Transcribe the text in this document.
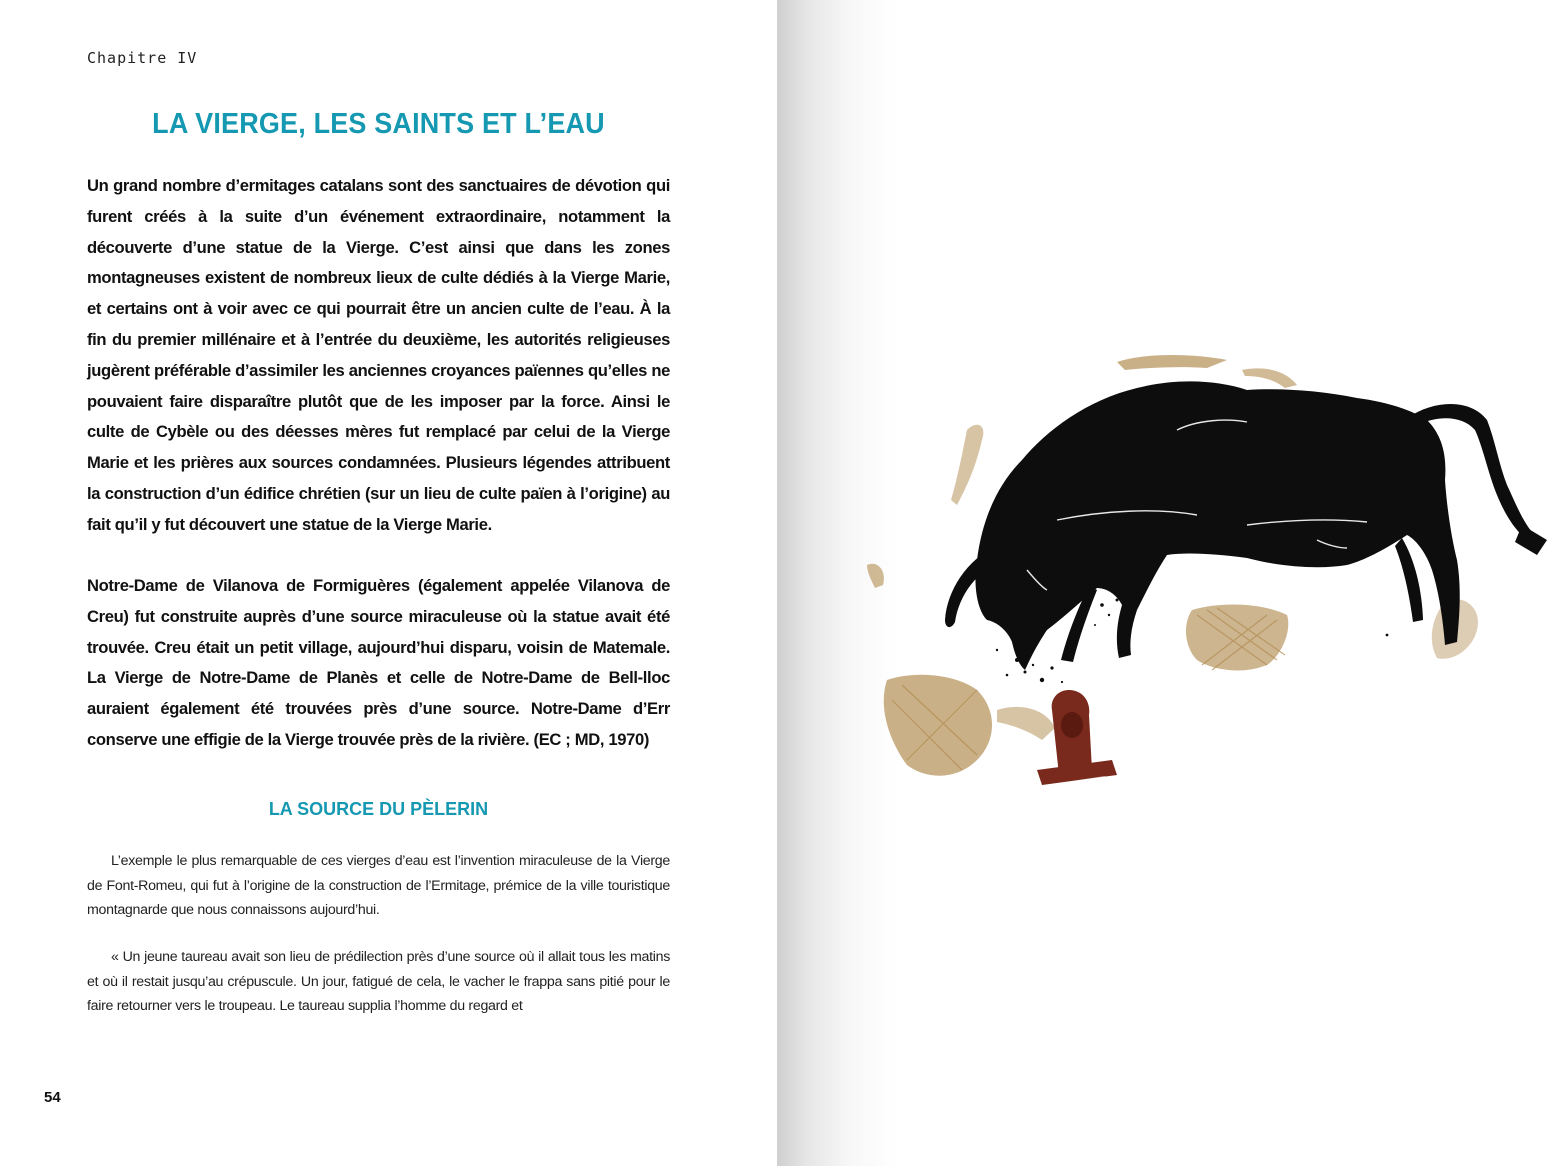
Chapitre IV
LA VIERGE, LES SAINTS ET L’EAU

Un grand nombre d’ermitages catalans sont des sanctuaires de dévotion qui furent créés à la suite d’un événement extraordinaire, notamment la découverte d’une statue de la Vierge. C’est ainsi que dans les zones montagneuses existent de nombreux lieux de culte dédiés à la Vierge Marie, et certains ont à voir avec ce qui pourrait être un ancien culte de l’eau. À la fin du premier millénaire et à l’entrée du deuxième, les autorités religieuses jugèrent préférable d’assimiler les anciennes croyances païennes qu’elles ne pouvaient faire disparaître plutôt que de les imposer par la force. Ainsi le culte de Cybèle ou des déesses mères fut remplacé par celui de la Vierge Marie et les prières aux sources condamnées. Plusieurs légendes attribuent la construction d’un édifice chrétien (sur un lieu de culte païen à l’origine) au fait qu’il y fut découvert une statue de la Vierge Marie.

Notre-Dame de Vilanova de Formiguères (également appelée Vilanova de Creu) fut construite auprès d’une source miraculeuse où la statue avait été trouvée. Creu était un petit village, aujourd’hui disparu, voisin de Matemale. La Vierge de Notre-Dame de Planès et celle de Notre-Dame de Bell-lloc auraient également été trouvées près d’une source. Notre-Dame d’Err conserve une effigie de la Vierge trouvée près de la rivière. (EC ; MD, 1970)

LA SOURCE DU PÈLERIN

L’exemple le plus remarquable de ces vierges d’eau est l’invention miraculeuse de la Vierge de Font-Romeu, qui fut à l’origine de la construction de l’Ermitage, prémice de la ville touristique montagnarde que nous connaissons aujourd’hui.

« Un jeune taureau avait son lieu de prédilection près d’une source où il allait tous les matins et où il restait jusqu’au crépuscule. Un jour, fatigué de cela, le vacher le frappa sans pitié pour le faire retourner vers le troupeau. Le taureau supplia l’homme du regard et

54
